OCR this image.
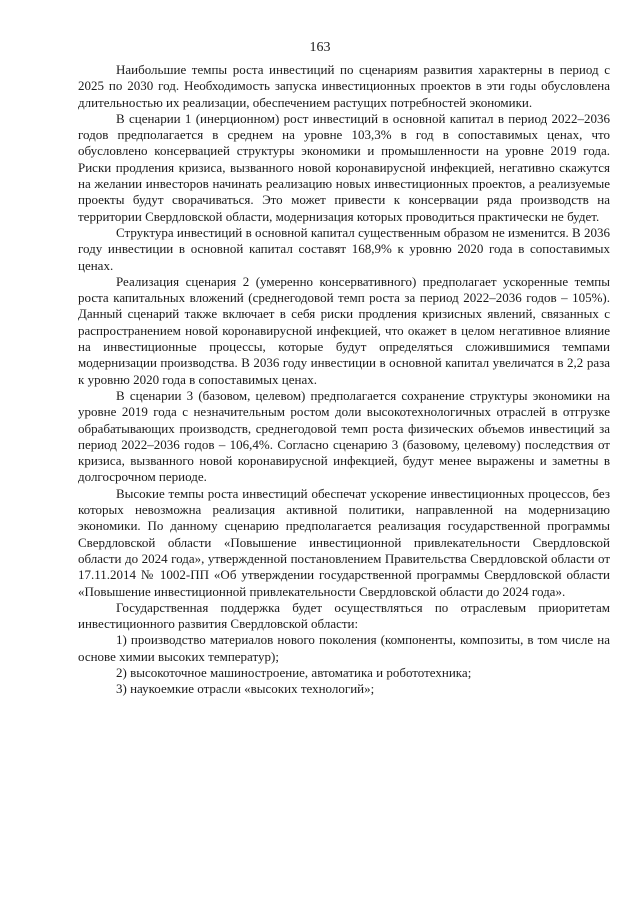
163

Наибольшие темпы роста инвестиций по сценариям развития характерны в период с 2025 по 2030 год. Необходимость запуска инвестиционных проектов в эти годы обусловлена длительностью их реализации, обеспечением растущих потребностей экономики.

В сценарии 1 (инерционном) рост инвестиций в основной капитал в период 2022–2036 годов предполагается в среднем на уровне 103,3% в год в сопоставимых ценах, что обусловлено консервацией структуры экономики и промышленности на уровне 2019 года. Риски продления кризиса, вызванного новой коронавирусной инфекцией, негативно скажутся на желании инвесторов начинать реализацию новых инвестиционных проектов, а реализуемые проекты будут сворачиваться. Это может привести к консервации ряда производств на территории Свердловской области, модернизация которых проводиться практически не будет.

Структура инвестиций в основной капитал существенным образом не изменится. В 2036 году инвестиции в основной капитал составят 168,9% к уровню 2020 года в сопоставимых ценах.

Реализация сценария 2 (умеренно консервативного) предполагает ускоренные темпы роста капитальных вложений (среднегодовой темп роста за период 2022–2036 годов – 105%). Данный сценарий также включает в себя риски продления кризисных явлений, связанных с распространением новой коронавирусной инфекцией, что окажет в целом негативное влияние на инвестиционные процессы, которые будут определяться сложившимися темпами модернизации производства. В 2036 году инвестиции в основной капитал увеличатся в 2,2 раза к уровню 2020 года в сопоставимых ценах.

В сценарии 3 (базовом, целевом) предполагается сохранение структуры экономики на уровне 2019 года с незначительным ростом доли высокотехнологичных отраслей в отгрузке обрабатывающих производств, среднегодовой темп роста физических объемов инвестиций за период 2022–2036 годов – 106,4%. Согласно сценарию 3 (базовому, целевому) последствия от кризиса, вызванного новой коронавирусной инфекцией, будут менее выражены и заметны в долгосрочном периоде.

Высокие темпы роста инвестиций обеспечат ускорение инвестиционных процессов, без которых невозможна реализация активной политики, направленной на модернизацию экономики. По данному сценарию предполагается реализация государственной программы Свердловской области «Повышение инвестиционной привлекательности Свердловской области до 2024 года», утвержденной постановлением Правительства Свердловской области от 17.11.2014 № 1002-ПП «Об утверждении государственной программы Свердловской области «Повышение инвестиционной привлекательности Свердловской области до 2024 года».

Государственная поддержка будет осуществляться по отраслевым приоритетам инвестиционного развития Свердловской области:

1) производство материалов нового поколения (компоненты, композиты, в том числе на основе химии высоких температур);

2) высокоточное машиностроение, автоматика и робототехника;

3) наукоемкие отрасли «высоких технологий»;
